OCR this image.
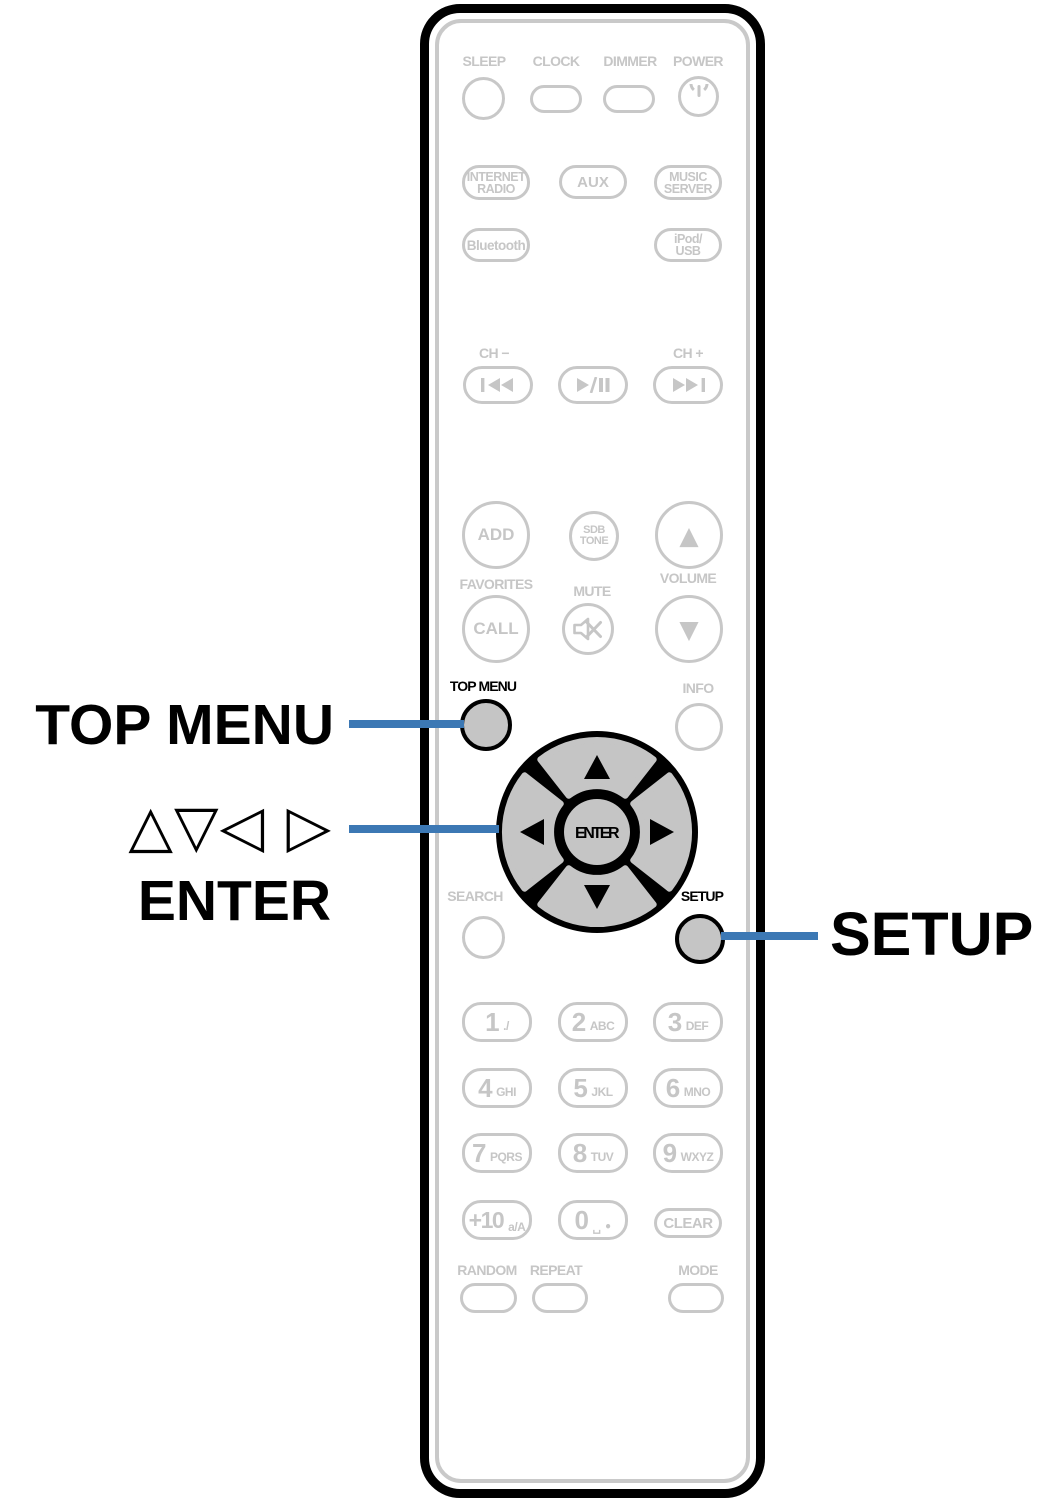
SLEEP	CLOCK	DIMMER	POWER
INTERNET
RADIO	AUX	MUSIC
SERVER
Bluetooth	iPod/
USB
CH −	CH +
ADD	SDB
TONE	▲
FAVORITES	MUTE
VOLUME
CALL	▼
TOP MENU	INFO
ENTER
SEARCH	SETUP
1 ./ 2 ABC 3 DEF
4 GHI 5 JKL 6 MNO
7 PQRS 8 TUV 9 WXYZ
+10 a/A 0 ␣ •	CLEAR
RANDOM REPEAT	MODE
TOP MENU
△▽◁ ▷
ENTER	SETUP
